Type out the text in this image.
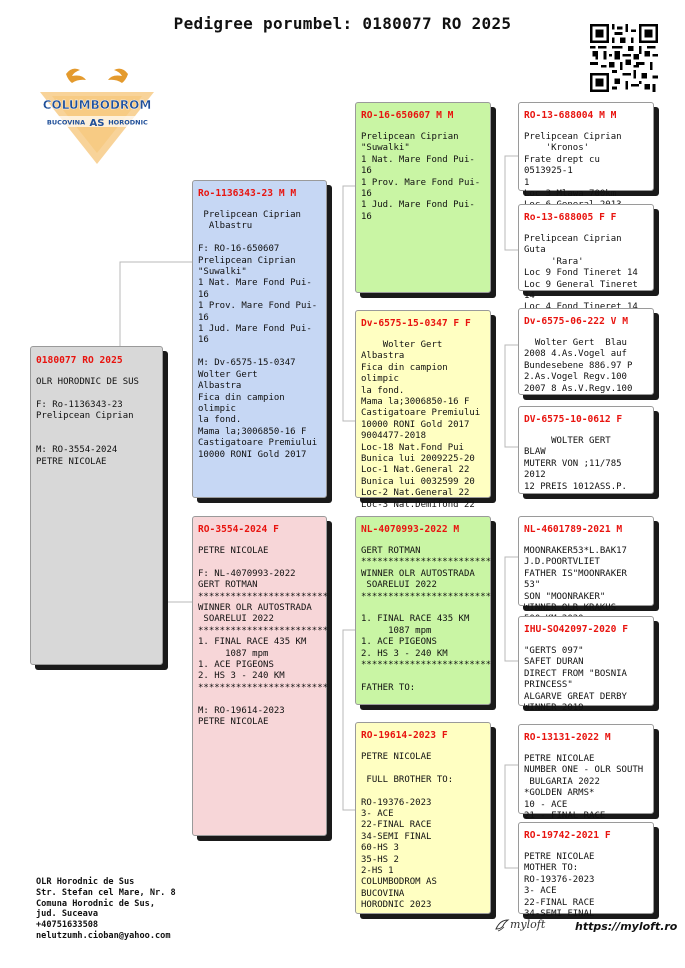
Pedigree porumbel: 0180077 RO 2025
COLUMBODROM
BUCOVINA AS HORODNIC
0180077 RO 2025
OLR HORODNIC DE SUS

F: Ro-1136343-23
Prelipcean Ciprian

M: RO-3554-2024
PETRE NICOLAE
Ro-1136343-23 M M
Prelipcean Ciprian
Albastru

F: RO-16-650607
Prelipcean Ciprian
"Suwalki"
1 Nat. Mare Fond Pui-16
1 Prov. Mare Fond Pui-16
1 Jud. Mare Fond Pui-16

M: Dv-6575-15-0347
Wolter Gert
Albastra
Fica din campion olimpic
la fond.
Mama la;3006850-16 F
Castigatoare Premiului
10000 RONI Gold 2017
RO-3554-2024 F
PETRE NICOLAE

F: NL-4070993-2022
GERT ROTMAN
************************
WINNER OLR AUTOSTRADA
SOARELUI 2022
************************
1. FINAL RACE 435 KM
1087 mpm
1. ACE PIGEONS
2. HS 3 - 240 KM
************************

M: RO-19614-2023
PETRE NICOLAE
RO-16-650607 M M
Prelipcean Ciprian
"Suwalki"
1 Nat. Mare Fond Pui-16
1 Prov. Mare Fond Pui-16
1 Jud. Mare Fond Pui-16
Dv-6575-15-0347 F F
Wolter Gert
Albastra
Fica din campion olimpic
la fond.
Mama la;3006850-16 F
Castigatoare Premiului
10000 RONI Gold 2017
9004477-2018
Loc-18 Nat.Fond Pui
Bunica lui 2009225-20
Loc-1 Nat.General 22
Bunica lui 0032599 20
Loc-2 Nat.General 22
Loc-3 Nat.Demifond 22
NL-4070993-2022 M
GERT ROTMAN
************************
WINNER OLR AUTOSTRADA
SOARELUI 2022
************************

1. FINAL RACE 435 KM
1087 mpm
1. ACE PIGEONS
2. HS 3 - 240 KM
************************

FATHER TO:
RO-19614-2023 F
PETRE NICOLAE

FULL BROTHER TO:

RO-19376-2023
3- ACE
22-FINAL RACE
34-SEMI FINAL
60-HS 3
35-HS 2
2-HS 1
COLUMBODROM AS BUCOVINA
HORODNIC 2023
RO-13-688004 M M
Prelipcean Ciprian
'Kronos'
Frate drept cu 0513925-1
1
Loc 3 Mlawa 700km

Ro-13-688005 F F
Prelipcean Ciprian
Guta
'Rara'
Loc 9 Fond Tineret 14
Loc 9 General Tineret 14

Dv-6575-06-222 V M
Wolter Gert  Blau
2008 4.As.Vogel auf
Bundesebene 886.97 P
2.As.Vogel Regv.100
2007 8 As.V.Regv.100
DV-6575-10-0612 F
WOLTER GERT
BLAW
MUTERR VON ;11/785 2012
12 PREIS 1012ASS.P.
NL-4601789-2021 M
MOONRAKER53*L.BAK17
J.D.POORTVLIET
FATHER IS"MOONRAKER 53"
SON "MOONRAKER"
WINNER OLR KRAKUS

IHU-SO42097-2020 F
"GERTS 097"
SAFET DURAN
DIRECT FROM "BOSNIA
PRINCESS"
ALGARVE GREAT DERBY
WINNER 2019
RO-13131-2022 M
PETRE NICOLAE
NUMBER ONE - OLR SOUTH
BULGARIA 2022
*GOLDEN ARMS*
10 - ACE
21 - FINAL RACE
RO-19742-2021 F
PETRE NICOLAE
MOTHER TO:
RO-19376-2023
3- ACE
22-FINAL RACE
34-SEMI FINAL
OLR Horodnic de Sus
Str. Stefan cel Mare, Nr. 8
Comuna Horodnic de Sus,
jud. Suceava
+40751633508
nelutzumh.cioban@yahoo.com
myloft	https://myloft.ro
